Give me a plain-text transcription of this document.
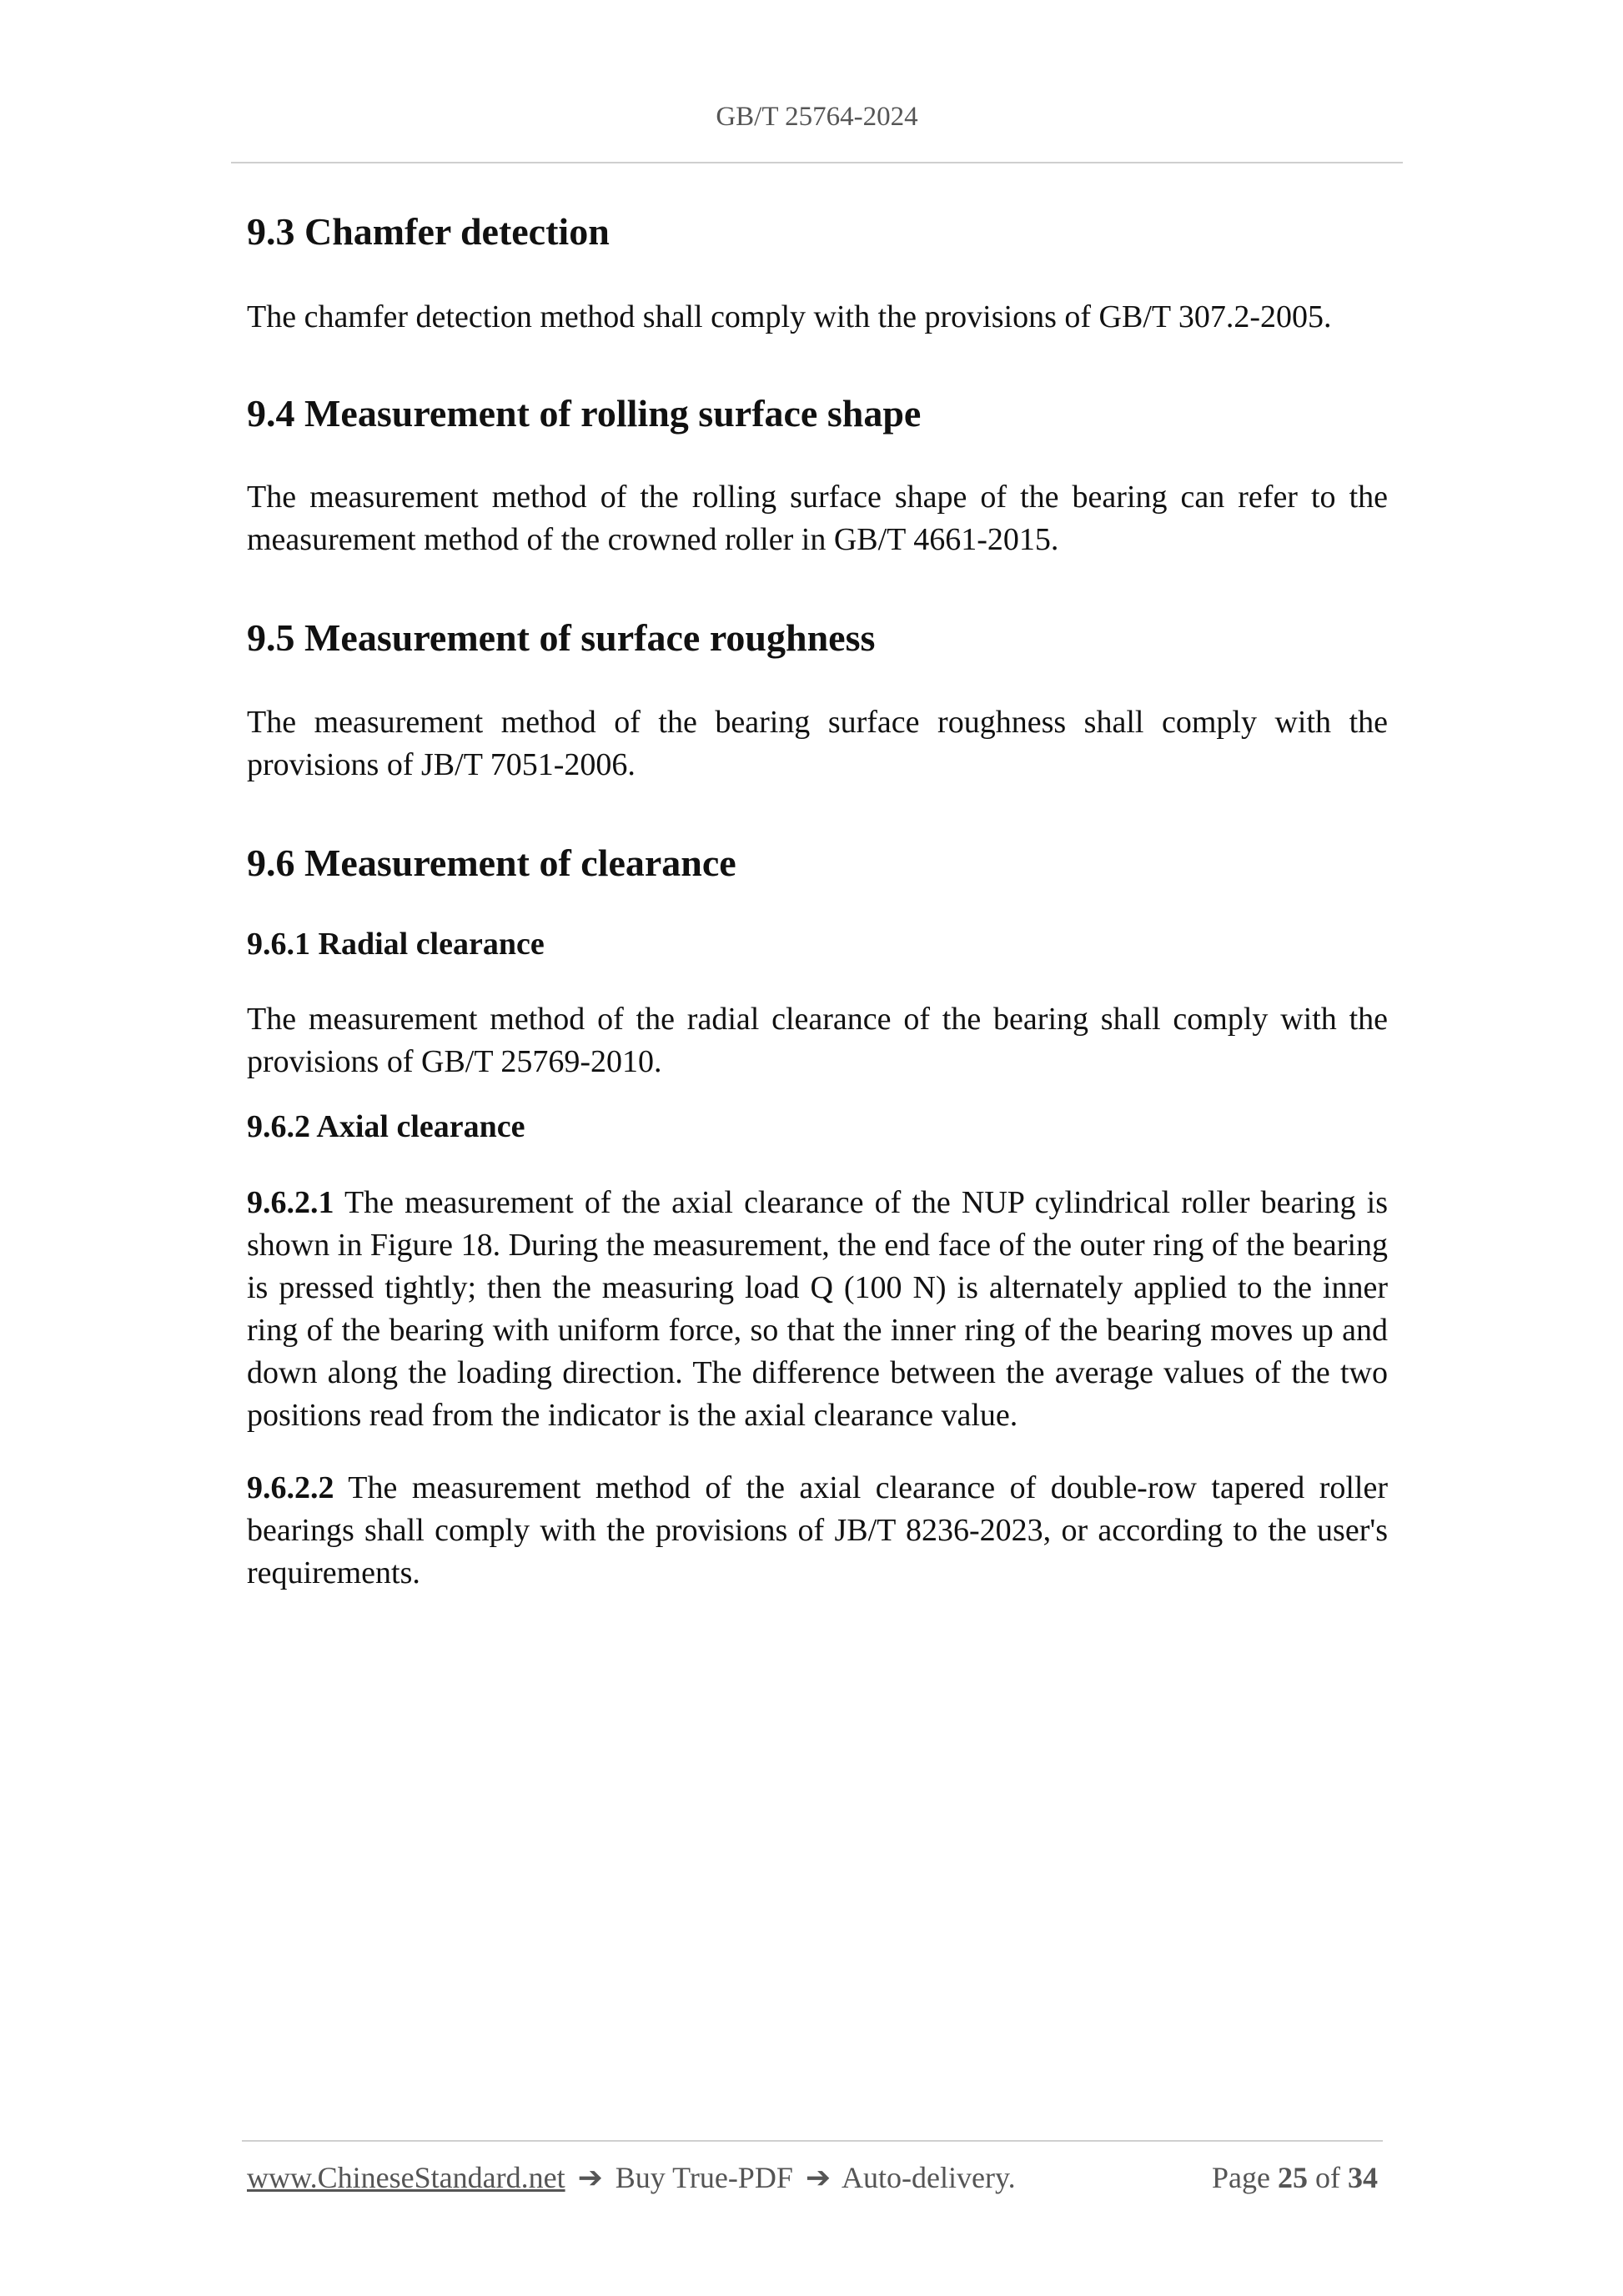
GB/T 25764-2024
9.3 Chamfer detection

The chamfer detection method shall comply with the provisions of GB/T 307.2-2005.

9.4 Measurement of rolling surface shape

The measurement method of the rolling surface shape of the bearing can refer to the measurement method of the crowned roller in GB/T 4661-2015.

9.5 Measurement of surface roughness

The measurement method of the bearing surface roughness shall comply with the provisions of JB/T 7051-2006.

9.6 Measurement of clearance
9.6.1 Radial clearance

The measurement method of the radial clearance of the bearing shall comply with the provisions of GB/T 25769-2010.

9.6.2 Axial clearance

9.6.2.1 The measurement of the axial clearance of the NUP cylindrical roller bearing is shown in Figure 18. During the measurement, the end face of the outer ring of the bearing is pressed tightly; then the measuring load Q (100 N) is alternately applied to the inner ring of the bearing with uniform force, so that the inner ring of the bearing moves up and down along the loading direction. The difference between the average values of the two positions read from the indicator is the axial clearance value.

9.6.2.2 The measurement method of the axial clearance of double-row tapered roller bearings shall comply with the provisions of JB/T 8236-2023, or according to the user's requirements.

www.ChineseStandard.net ➔ Buy True-PDF ➔ Auto-delivery.	Page 25 of 34
